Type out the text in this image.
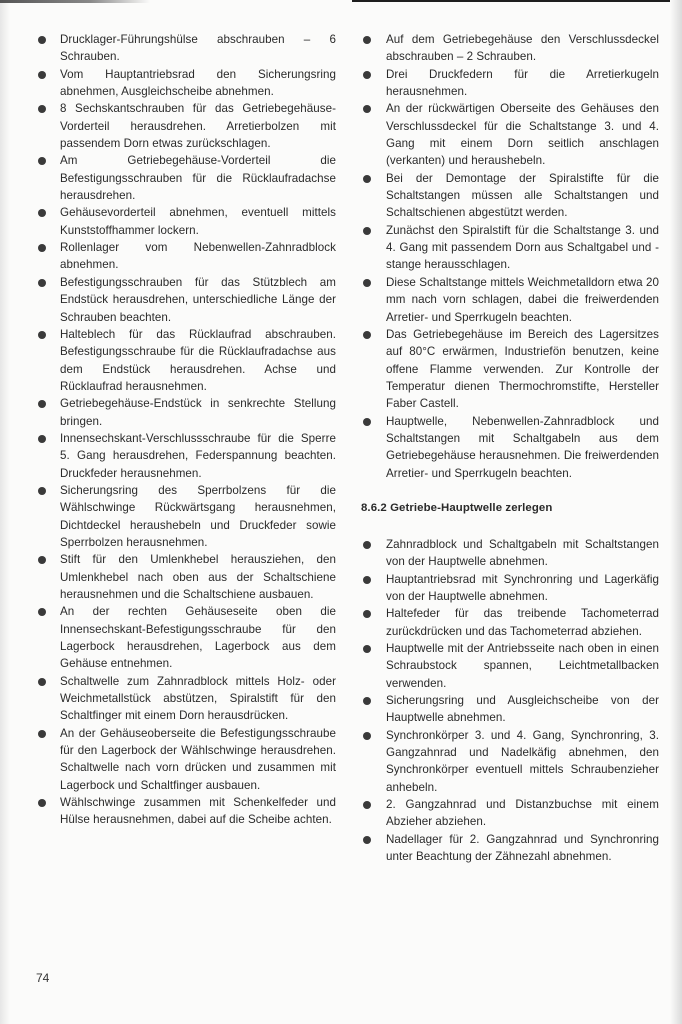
Drucklager-Führungshülse abschrauben – 6 Schrauben.
Vom Hauptantriebsrad den Sicherungsring abnehmen, Ausgleichscheibe abnehmen.
8 Sechskantschrauben für das Getriebegehäuse-Vorderteil herausdrehen. Arretierbolzen mit passendem Dorn etwas zurückschlagen.
Am Getriebegehäuse-Vorderteil die Befestigungsschrauben für die Rücklaufradachse herausdrehen.
Gehäusevorderteil abnehmen, eventuell mittels Kunststoffhammer lockern.
Rollenlager vom Nebenwellen-Zahnradblock abnehmen.
Befestigungsschrauben für das Stützblech am Endstück herausdrehen, unterschiedliche Länge der Schrauben beachten.
Halteblech für das Rücklaufrad abschrauben. Befestigungsschraube für die Rücklaufradachse aus dem Endstück herausdrehen. Achse und Rücklaufrad herausnehmen.
Getriebegehäuse-Endstück in senkrechte Stellung bringen.
Innensechskant-Verschlussschraube für die Sperre 5. Gang herausdrehen, Federspannung beachten. Druckfeder herausnehmen.
Sicherungsring des Sperrbolzens für die Wählschwinge Rückwärtsgang herausnehmen, Dichtdeckel heraushebeln und Druckfeder sowie Sperrbolzen herausnehmen.
Stift für den Umlenkhebel herausziehen, den Umlenkhebel nach oben aus der Schaltschiene herausnehmen und die Schaltschiene ausbauen.
An der rechten Gehäuseseite oben die Innensechskant-Befestigungsschraube für den Lagerbock herausdrehen, Lagerbock aus dem Gehäuse entnehmen.
Schaltwelle zum Zahnradblock mittels Holz- oder Weichmetallstück abstützen, Spiralstift für den Schaltfinger mit einem Dorn herausdrücken.
An der Gehäuseoberseite die Befestigungsschraube für den Lagerbock der Wählschwinge herausdrehen. Schaltwelle nach vorn drücken und zusammen mit Lagerbock und Schaltfinger ausbauen.
Wählschwinge zusammen mit Schenkelfeder und Hülse herausnehmen, dabei auf die Scheibe achten.
Auf dem Getriebegehäuse den Verschlussdeckel abschrauben – 2 Schrauben.
Drei Druckfedern für die Arretierkugeln herausnehmen.
An der rückwärtigen Oberseite des Gehäuses den Verschlussdeckel für die Schaltstange 3. und 4. Gang mit einem Dorn seitlich anschlagen (verkanten) und heraushebeln.
Bei der Demontage der Spiralstifte für die Schaltstangen müssen alle Schaltstangen und Schaltschienen abgestützt werden.
Zunächst den Spiralstift für die Schaltstange 3. und 4. Gang mit passendem Dorn aus Schaltgabel und -stange herausschlagen.
Diese Schaltstange mittels Weichmetalldorn etwa 20 mm nach vorn schlagen, dabei die freiwerdenden Arretier- und Sperrkugeln beachten.
Das Getriebegehäuse im Bereich des Lagersitzes auf 80°C erwärmen, Industriefön benutzen, keine offene Flamme verwenden. Zur Kontrolle der Temperatur dienen Thermochromstifte, Hersteller Faber Castell.
Hauptwelle, Nebenwellen-Zahnradblock und Schaltstangen mit Schaltgabeln aus dem Getriebegehäuse herausnehmen. Die freiwerdenden Arretier- und Sperrkugeln beachten.
8.6.2 Getriebe-Hauptwelle zerlegen
Zahnradblock und Schaltgabeln mit Schaltstangen von der Hauptwelle abnehmen.
Hauptantriebsrad mit Synchronring und Lagerkäfig von der Hauptwelle abnehmen.
Haltefeder für das treibende Tachometerrad zurückdrücken und das Tachometerrad abziehen.
Hauptwelle mit der Antriebsseite nach oben in einen Schraubstock spannen, Leichtmetallbacken verwenden.
Sicherungsring und Ausgleichscheibe von der Hauptwelle abnehmen.
Synchronkörper 3. und 4. Gang, Synchronring, 3. Gangzahnrad und Nadelkäfig abnehmen, den Synchronkörper eventuell mittels Schraubenzieher anhebeln.
2. Gangzahnrad und Distanzbuchse mit einem Abzieher abziehen.
Nadellager für 2. Gangzahnrad und Synchronring unter Beachtung der Zähnezahl abnehmen.
74
